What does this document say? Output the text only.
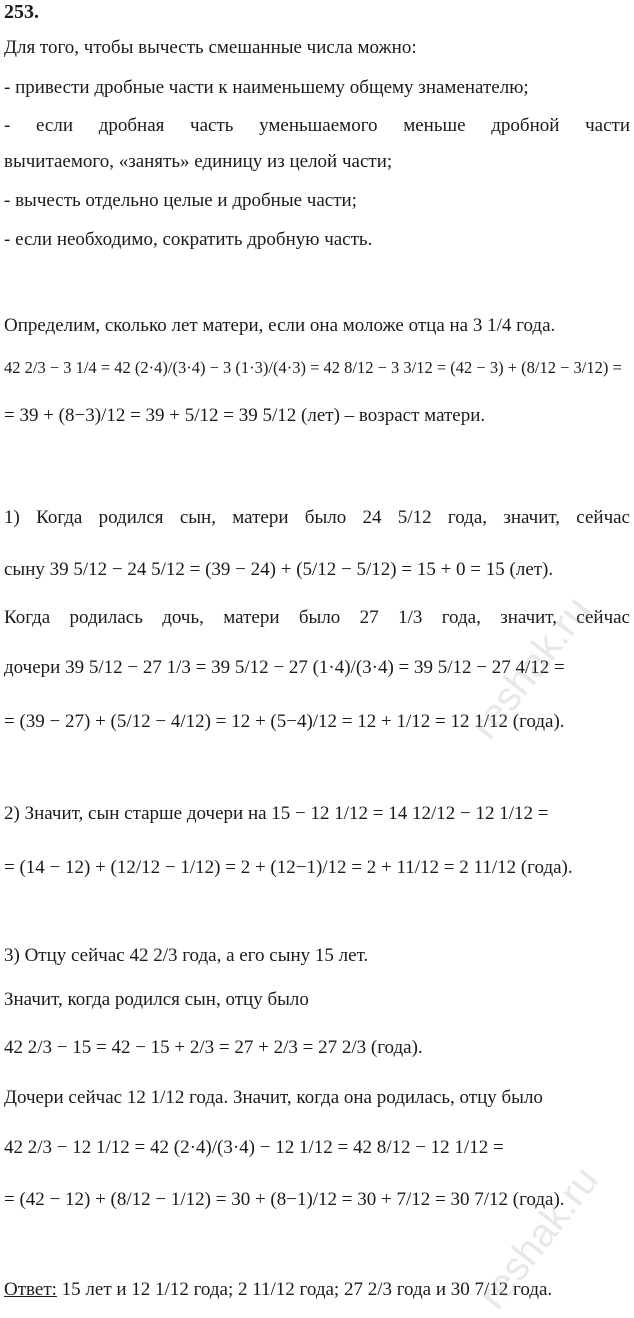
253.
Для того, чтобы вычесть смешанные числа можно:
- привести дробные части к наименьшему общему знаменателю;
- если дробная часть уменьшаемого меньше дробной части
вычитаемого, «занять» единицу из целой части;
- вычесть отдельно целые и дробные части;
- если необходимо, сократить дробную часть.
Определим, сколько лет матери, если она моложе отца на 3 1/4 года.
42 2/3 − 3 1/4 = 42 (2·4)/(3·4) − 3 (1·3)/(4·3) = 42 8/12 − 3 3/12 = (42 − 3) + (8/12 − 3/12) =
= 39 + (8−3)/12 = 39 + 5/12 = 39 5/12 (лет) – возраст матери.
1) Когда родился сын, матери было 24 5/12 года, значит, сейчас
сыну 39 5/12 − 24 5/12 = (39 − 24) + (5/12 − 5/12) = 15 + 0 = 15 (лет).
Когда родилась дочь, матери было 27 1/3 года, значит, сейчас
дочери 39 5/12 − 27 1/3 = 39 5/12 − 27 (1·4)/(3·4) = 39 5/12 − 27 4/12 =
= (39 − 27) + (5/12 − 4/12) = 12 + (5−4)/12 = 12 + 1/12 = 12 1/12 (года).
2) Значит, сын старше дочери на 15 − 12 1/12 = 14 12/12 − 12 1/12 =
= (14 − 12) + (12/12 − 1/12) = 2 + (12−1)/12 = 2 + 11/12 = 2 11/12 (года).
3) Отцу сейчас 42 2/3 года, а его сыну 15 лет.
Значит, когда родился сын, отцу было
42 2/3 − 15 = 42 − 15 + 2/3 = 27 + 2/3 = 27 2/3 (года).
Дочери сейчас 12 1/12 года. Значит, когда она родилась, отцу было
42 2/3 − 12 1/12 = 42 (2·4)/(3·4) − 12 1/12 = 42 8/12 − 12 1/12 =
= (42 − 12) + (8/12 − 1/12) = 30 + (8−1)/12 = 30 + 7/12 = 30 7/12 (года).
Ответ: 15 лет и 12 1/12 года; 2 11/12 года; 27 2/3 года и 30 7/12 года.
reshak.ru
reshak.ru
